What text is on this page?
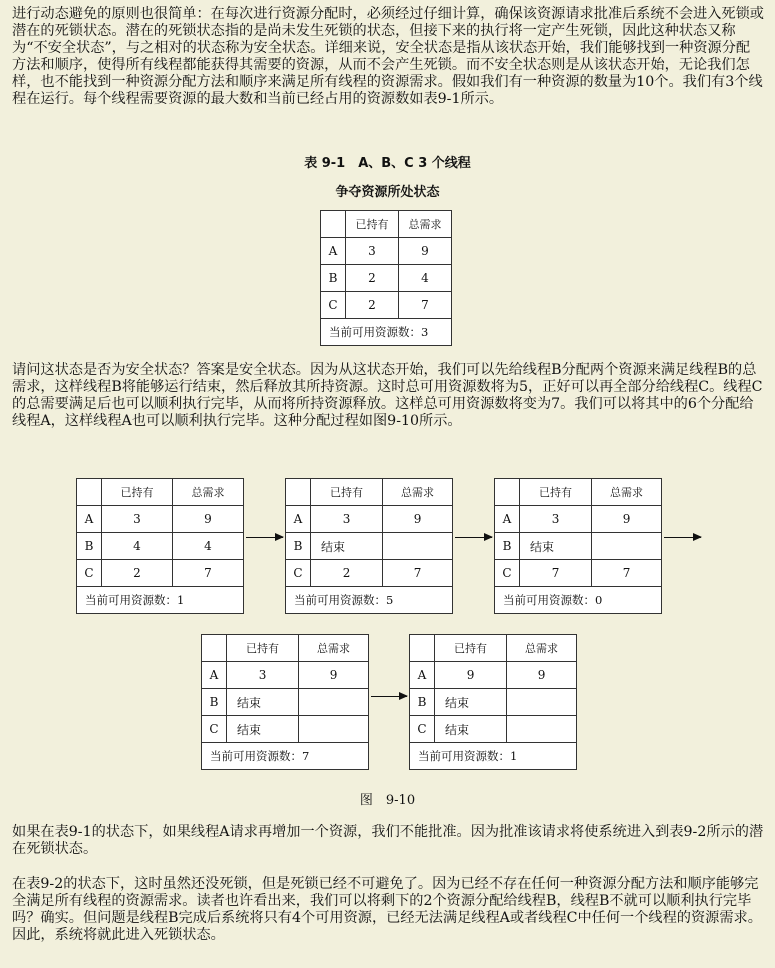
进行动态避免的原则也很简单：在每次进行资源分配时，必须经过仔细计算，确保该资源请求批准后系统不会进入死锁或潜在的死锁状态。潜在的死锁状态指的是尚未发生死锁的状态，但接下来的执行将一定产生死锁，因此这种状态又称为“不安全状态”，与之相对的状态称为安全状态。详细来说，安全状态是指从该状态开始，我们能够找到一种资源分配方法和顺序，使得所有线程都能获得其需要的资源，从而不会产生死锁。而不安全状态则是从该状态开始，无论我们怎样，也不能找到一种资源分配方法和顺序来满足所有线程的资源需求。假如我们有一种资源的数量为10个。我们有3个线程在运行。每个线程需要资源的最大数和当前已经占用的资源数如表9-1所示。

表 9-1　A、B、C 3 个线程
争夺资源所处状态
	已持有	总需求
A	3	9
B	2	4
C	2	7
当前可用资源数：3		

请问这状态是否为安全状态？答案是安全状态。因为从这状态开始，我们可以先给线程B分配两个资源来满足线程B的总需求，这样线程B将能够运行结束，然后释放其所持资源。这时总可用资源数将为5，正好可以再全部分给线程C。线程C的总需要满足后也可以顺利执行完毕，从而将所持资源释放。这样总可用资源数将变为7。我们可以将其中的6个分配给线程A，这样线程A也可以顺利执行完毕。这种分配过程如图9-10所示。

	已持有	总需求
A	3	9
B	4	4
C	2	7
当前可用资源数：1		
	已持有	总需求
A	3	9
B	结束	
C	2	7
当前可用资源数：5		
	已持有	总需求
A	3	9
B	结束	
C	7	7
当前可用资源数：0		
	已持有	总需求
A	3	9
B	结束	
C	结束	
当前可用资源数：7		
	已持有	总需求
A	9	9
B	结束	
C	结束	
当前可用资源数：1		
图　9-10

如果在表9-1的状态下，如果线程A请求再增加一个资源，我们不能批准。因为批准该请求将使系统进入到表9-2所示的潜在死锁状态。

在表9-2的状态下，这时虽然还没死锁，但是死锁已经不可避免了。因为已经不存在任何一种资源分配方法和顺序能够完全满足所有线程的资源需求。读者也许看出来，我们可以将剩下的2个资源分配给线程B，线程B不就可以顺利执行完毕吗？确实。但问题是线程B完成后系统将只有4个可用资源，已经无法满足线程A或者线程C中任何一个线程的资源需求。因此，系统将就此进入死锁状态。
